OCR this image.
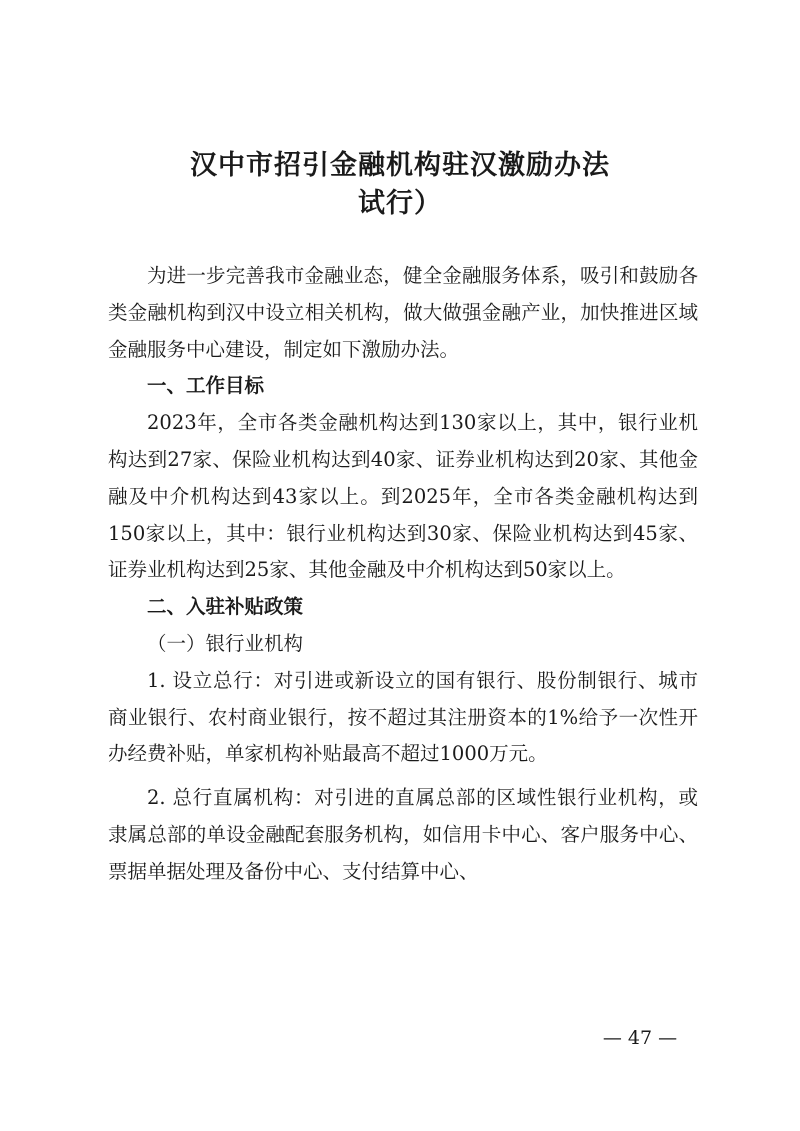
汉中市招引金融机构驻汉激励办法
试行）

为进一步完善我市金融业态，健全金融服务体系，吸引和鼓励各类金融机构到汉中设立相关机构，做大做强金融产业，加快推进区域金融服务中心建设，制定如下激励办法。

一、工作目标

2023年，全市各类金融机构达到130家以上，其中，银行业机构达到27家、保险业机构达到40家、证券业机构达到20家、其他金融及中介机构达到43家以上。到2025年，全市各类金融机构达到150家以上，其中：银行业机构达到30家、保险业机构达到45家、证券业机构达到25家、其他金融及中介机构达到50家以上。

二、入驻补贴政策
（一）银行业机构

1. 设立总行：对引进或新设立的国有银行、股份制银行、城市商业银行、农村商业银行，按不超过其注册资本的1%给予一次性开办经费补贴，单家机构补贴最高不超过1000万元。

2. 总行直属机构：对引进的直属总部的区域性银行业机构，或隶属总部的单设金融配套服务机构，如信用卡中心、客户服务中心、票据单据处理及备份中心、支付结算中心、

— 47 —
